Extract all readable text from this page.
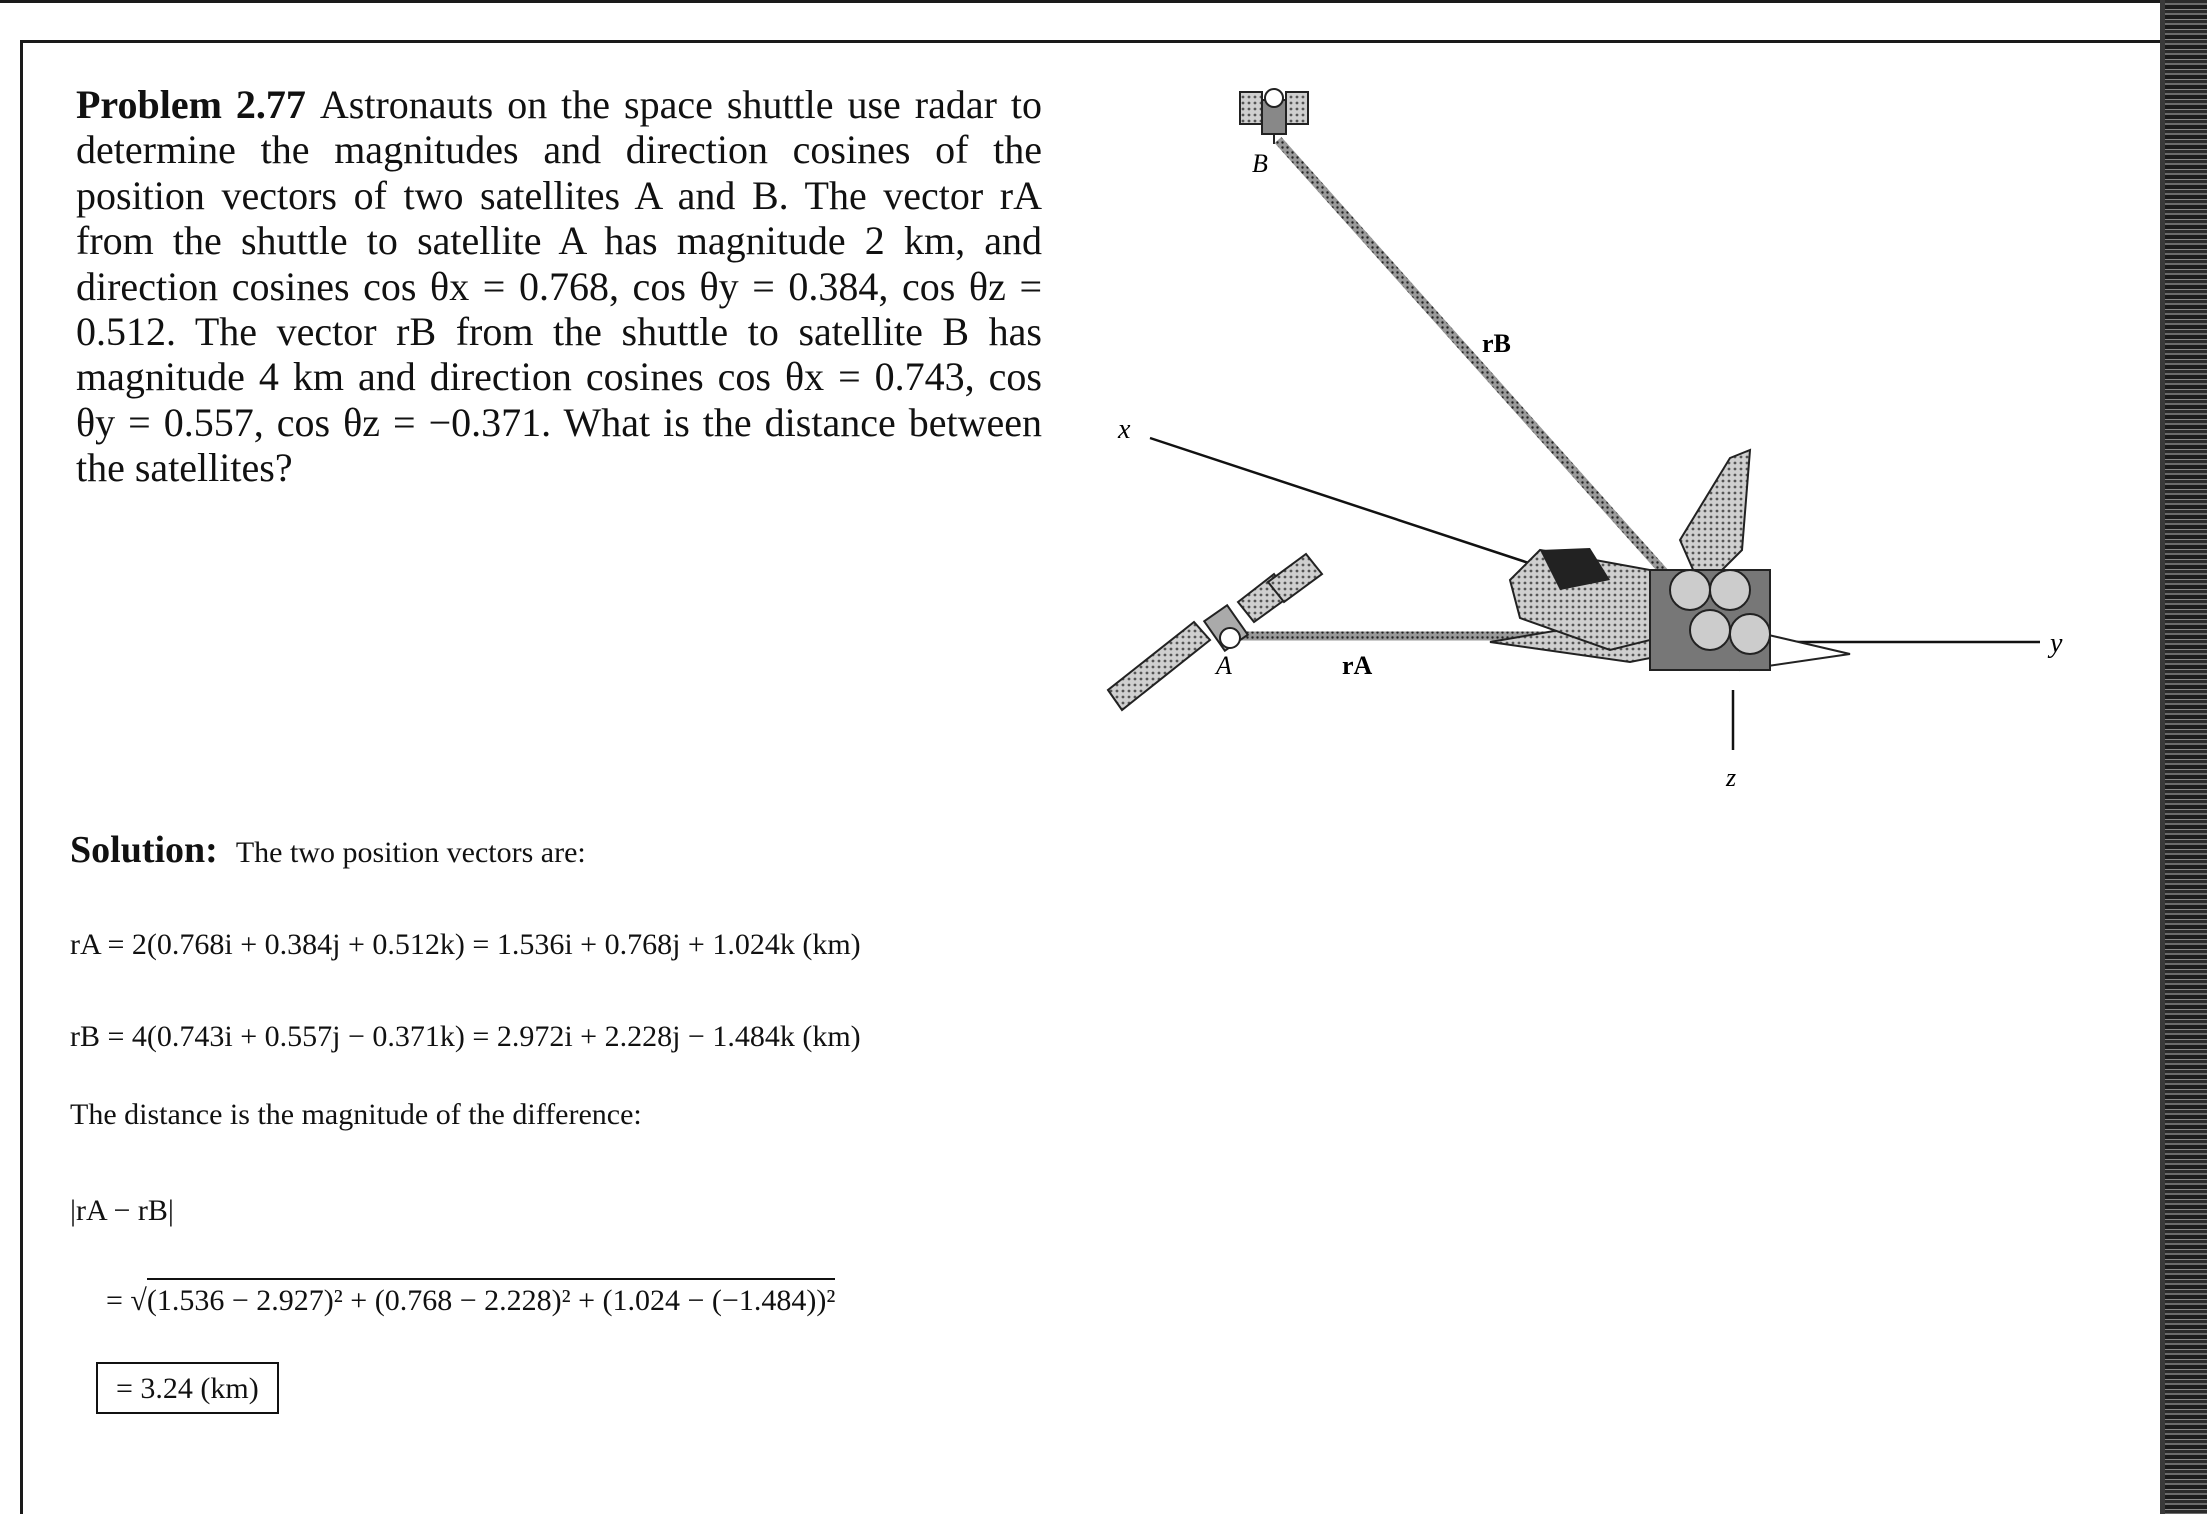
Problem 2.77 Astronauts on the space shuttle use radar to determine the magnitudes and direction cosines of the position vectors of two satellites A and B. The vector rA from the shuttle to satellite A has magnitude 2 km, and direction cosines cos θx = 0.768, cos θy = 0.384, cos θz = 0.512. The vector rB from the shuttle to satellite B has magnitude 4 km and direction cosines cos θx = 0.743, cos θy = 0.557, cos θz = −0.371. What is the distance between the satellites?
B
rB
x
y
z
rA
A
Solution: The two position vectors are:
rA = 2(0.768i + 0.384j + 0.512k) = 1.536i + 0.768j + 1.024k (km)
rB = 4(0.743i + 0.557j − 0.371k) = 2.972i + 2.228j − 1.484k (km)
The distance is the magnitude of the difference:
|rA − rB|
= √(1.536 − 2.927)² + (0.768 − 2.228)² + (1.024 − (−1.484))²
= 3.24 (km)
